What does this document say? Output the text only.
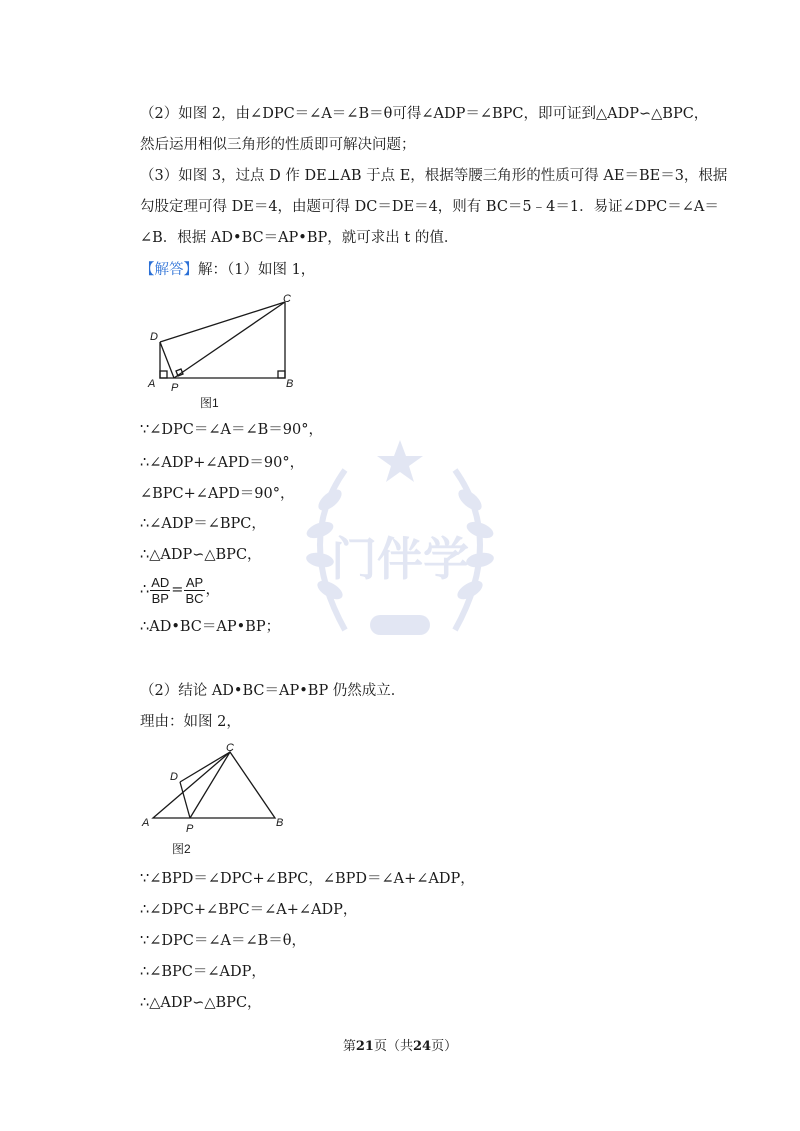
门伴学
（2）如图 2，由∠DPC＝∠A＝∠B＝θ可得∠ADP＝∠BPC，即可证到△ADP∽△BPC，
然后运用相似三角形的性质即可解决问题；
（3）如图 3，过点 D 作 DE⊥AB 于点 E，根据等腰三角形的性质可得 AE＝BE＝3，根据
勾股定理可得 DE＝4，由题可得 DC＝DE＝4，则有 BC＝5﹣4＝1．易证∠DPC＝∠A＝
∠B．根据 AD•BC＝AP•BP，就可求出 t 的值．
【解答】解：（1）如图 1，
D
A P	B
C
图1
∵∠DPC＝∠A＝∠B＝90°，
∴∠ADP+∠APD＝90°，
∠BPC+∠APD＝90°，
∴∠ADP＝∠BPC，
∴△ADP∽△BPC，
∴ $\frac{AD}{BP} = \frac{AP}{BC}$ ，
∴AD•BC＝AP•BP；
（2）结论 AD•BC＝AP•BP 仍然成立．
理由：如图 2，
D
A	P	B
C
图2
∵∠BPD＝∠DPC+∠BPC，∠BPD＝∠A+∠ADP，
∴∠DPC+∠BPC＝∠A+∠ADP，
∵∠DPC＝∠A＝∠B＝θ，
∴∠BPC＝∠ADP，
∴△ADP∽△BPC，
第21页（共24页）
